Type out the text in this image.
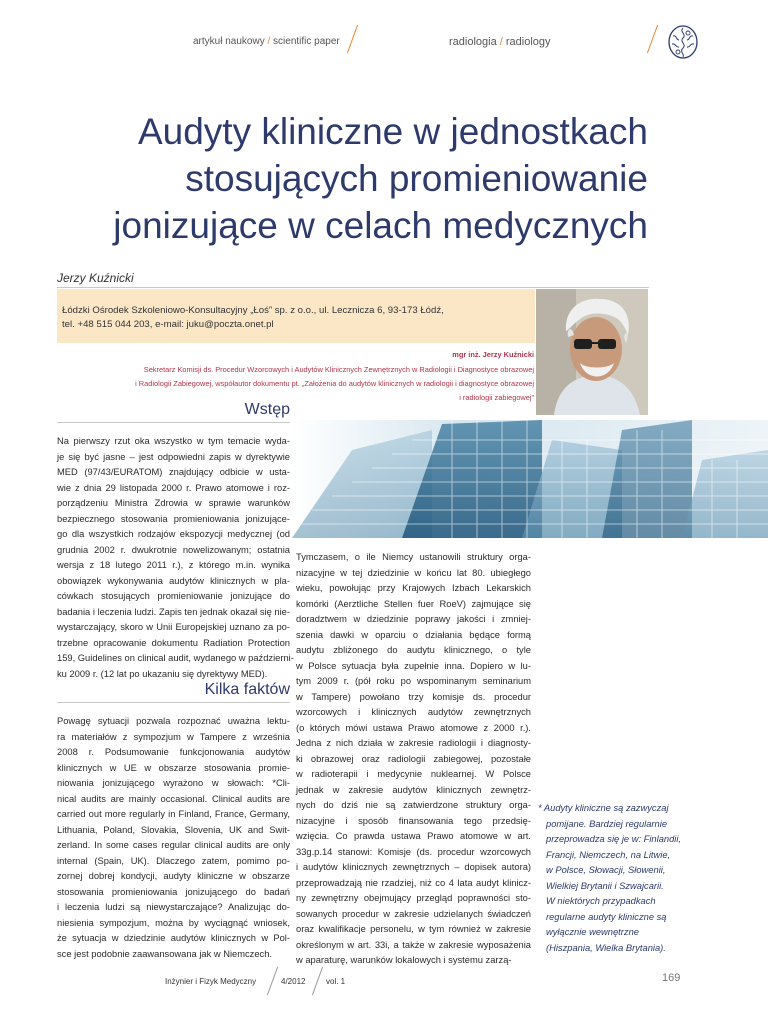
artykuł naukowy / scientific paper	radiologia / radiology
Audyty kliniczne w jednostkach
stosujących promieniowanie
jonizujące w celach medycznych
Jerzy Kuźnicki
Łódzki Ośrodek Szkoleniowo-Konsultacyjny „Łoś” sp. z o.o., ul. Lecznicza 6, 93-173 Łódź,
tel. +48 515 044 203, e-mail: juku@poczta.onet.pl
mgr inż. Jerzy Kuźnicki
Sekretarz Komisji ds. Procedur Wzorcowych i Audytów Klinicznych Zewnętrznych w Radiologii i Diagnostyce obrazowej
i Radiologii Zabiegowej, współautor dokumentu pt. „Założenia do audytów klinicznych w radiologii i diagnostyce obrazowej
i radiologii zabiegowej”
Wstęp
Na pierwszy rzut oka wszystko w tym temacie wyda-
je się być jasne – jest odpowiedni zapis w dyrektywie
MED (97/43/EURATOM) znajdujący odbicie w usta-
wie z dnia 29 listopada 2000 r. Prawo atomowe i roz-
porządzeniu Ministra Zdrowia w sprawie warunków
bezpiecznego stosowania promieniowania jonizujące-
go dla wszystkich rodzajów ekspozycji medycznej (od
grudnia 2002 r. dwukrotnie nowelizowanym; ostatnia
wersja z 18 lutego 2011 r.), z którego m.in. wynika
obowiązek wykonywania audytów klinicznych w pla-
cówkach stosujących promieniowanie jonizujące do
badania i leczenia ludzi. Zapis ten jednak okazał się nie-
wystarczający, skoro w Unii Europejskiej uznano za po-
trzebne opracowanie dokumentu Radiation Protection
159, Guidelines on clinical audit, wydanego w październi-
ku 2009 r. (12 lat po ukazaniu się dyrektywy MED).
Kilka faktów
Powagę sytuacji pozwala rozpoznać uważna lektu-
ra materiałów z sympozjum w Tampere z września
2008 r. Podsumowanie funkcjonowania audytów
klinicznych w UE w obszarze stosowania promie-
niowania jonizującego wyrażono w słowach: *Cli-
nical audits are mainly occasional. Clinical audits are
carried out more regularly in Finland, France, Germany,
Lithuania, Poland, Slovakia, Slovenia, UK and Swit-
zerland. In some cases regular clinical audits are only
internal (Spain, UK). Dlaczego zatem, pomimo po-
zornej dobrej kondycji, audyty kliniczne w obszarze
stosowania promieniowania jonizującego do badań
i leczenia ludzi są niewystarczające? Analizując do-
niesienia sympozjum, można by wyciągnąć wniosek,
że sytuacja w dziedzinie audytów klinicznych w Pol-
sce jest podobnie zaawansowana jak w Niemczech.
Tymczasem, o ile Niemcy ustanowili struktury orga-
nizacyjne w tej dziedzinie w końcu lat 80. ubiegłego
wieku, powołując przy Krajowych Izbach Lekarskich
komórki (Aerztliche Stellen fuer RoeV) zajmujące się
doradztwem w dziedzinie poprawy jakości i zmniej-
szenia dawki w oparciu o działania będące formą
audytu zbliżonego do audytu klinicznego, o tyle
w Polsce sytuacja była zupełnie inna. Dopiero w lu-
tym 2009 r. (pół roku po wspominanym seminarium
w Tampere) powołano trzy komisje ds. procedur
wzorcowych i klinicznych audytów zewnętrznych
(o których mówi ustawa Prawo atomowe z 2000 r.).
Jedna z nich działa w zakresie radiologii i diagnosty-
ki obrazowej oraz radiologii zabiegowej, pozostałe
w radioterapii i medycynie nuklearnej. W Polsce
jednak w zakresie audytów klinicznych zewnętrz-
nych do dziś nie są zatwierdzone struktury orga-
nizacyjne i sposób finansowania tego przedsię-
wzięcia. Co prawda ustawa Prawo atomowe w art.
33g.p.14 stanowi: Komisje (ds. procedur wzorcowych
i audytów klinicznych zewnętrznych – dopisek autora)
przeprowadzają nie rzadziej, niż co 4 lata audyt klinicz-
ny zewnętrzny obejmujący przegląd poprawności sto-
sowanych procedur w zakresie udzielanych świadczeń
oraz kwalifikacje personelu, w tym również w zakresie
określonym w art. 33i, a także w zakresie wyposażenia
w aparaturę, warunków lokalowych i systemu zarzą-
* Audyty kliniczne są zazwyczaj
pomijane. Bardziej regularnie
przeprowadza się je w: Finlandii,
Francji, Niemczech, na Litwie,
w Polsce, Słowacji, Słowenii,
Wielkiej Brytanii i Szwajcarii.
W niektórych przypadkach
regularne audyty kliniczne są
wyłącznie wewnętrzne
(Hiszpania, Wielka Brytania).
Inżynier i Fizyk Medyczny	4/2012	vol. 1	169
